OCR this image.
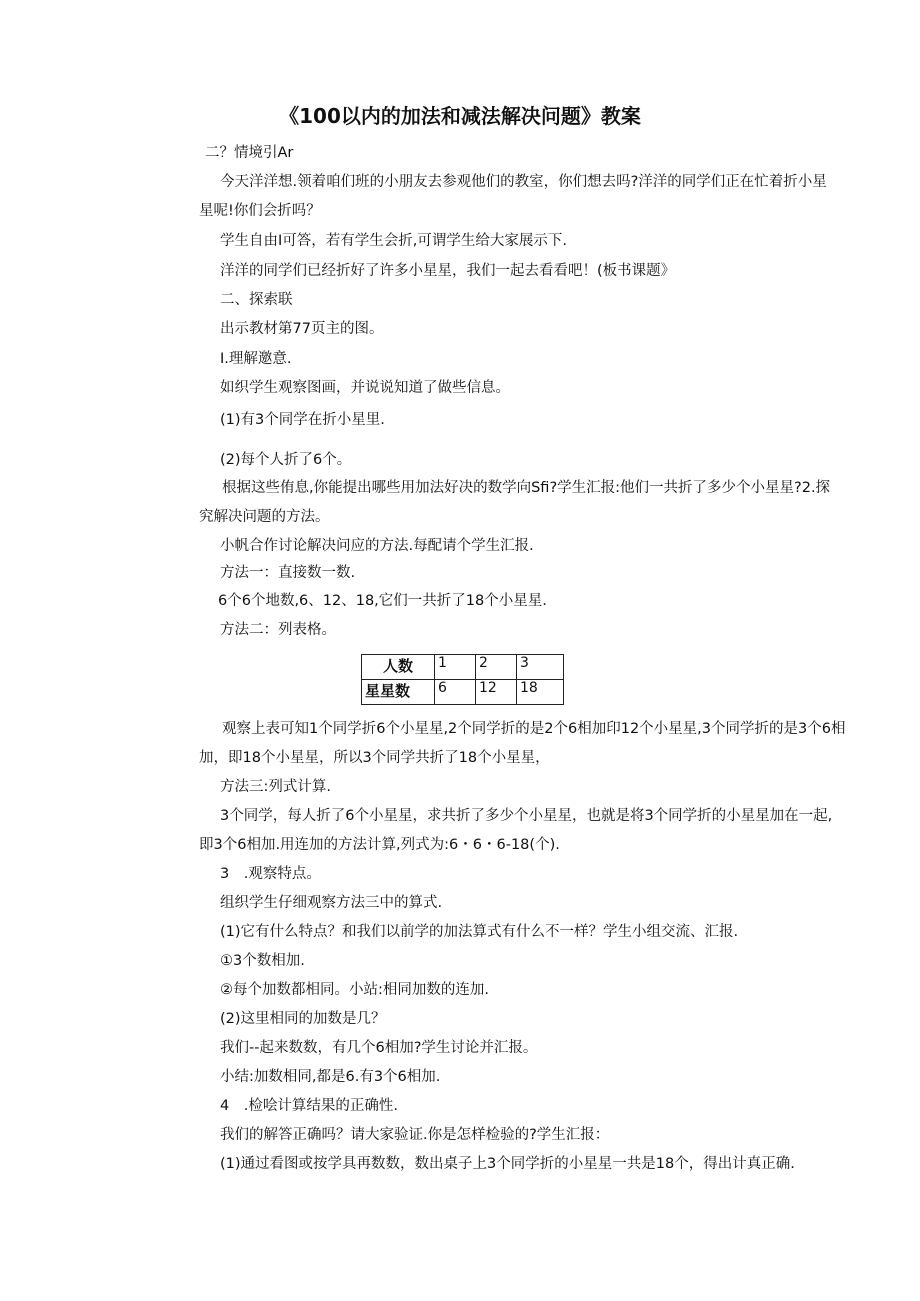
《100以内的加法和减法解决问题》教案
二？情境引Ar
今天洋洋想.领着咱们班的小朋友去参观他们的教室，你们想去吗?洋洋的同学们正在忙着折小星
星呢!你们会折吗？
学生自由I可答，若有学生会折,可谓学生给大家展示下.
洋洋的同学们已经折好了许多小星星，我们一起去看看吧！(板书课题》
二、探索联
出示教材第77页主的图。
I.理解邀意.
如织学生观察图画，并说说知道了做些信息。
(1)有3个同学在折小星里.
(2)每个人折了6个。
根据这些侑息,你能提出哪些用加法好决的数学向Sfi?学生汇报:他们一共折了多少个小星星?2.探
究解决问题的方法。
小帆合作讨论解决问应的方法.每配请个学生汇报.
方法一：直接数一数.
6个6个地数,6、12、18,它们一共折了18个小星星.
方法二：列表格。
人数	1	2	3
星星数	6	12	18
观察上表可知1个同学折6个小星星,2个同学折的是2个6相加印12个小星星,3个同学折的是3个6相
加，即18个小星星，所以3个同学共折了18个小星星，
方法三:列式计算.
3个同学，每人折了6个小星星，求共折了多少个小星星，也就是将3个同学折的小星星加在一起,
即3个6相加.用连加的方法计算,列式为:6・6・6-18(个).
3　.观察特点。
组织学生仔细观察方法三中的算式.
(1)它有什么特点？和我们以前学的加法算式有什么不一样？学生小组交流、汇报.
①3个数相加.
②每个加数都相同。小站:相同加数的连加.
(2)这里相同的加数是几？
我们--起来数数，有几个6相加?学生讨论并汇报。
小结:加数相同,都是6.有3个6相加.
4　.检哙计算结果的正确性.
我们的解答正确吗？请大家验证.你是怎样检验的?学生汇报：
(1)通过看图或按学具再数数，数出桌子上3个同学折的小星星一共是18个，得出计真正确.
